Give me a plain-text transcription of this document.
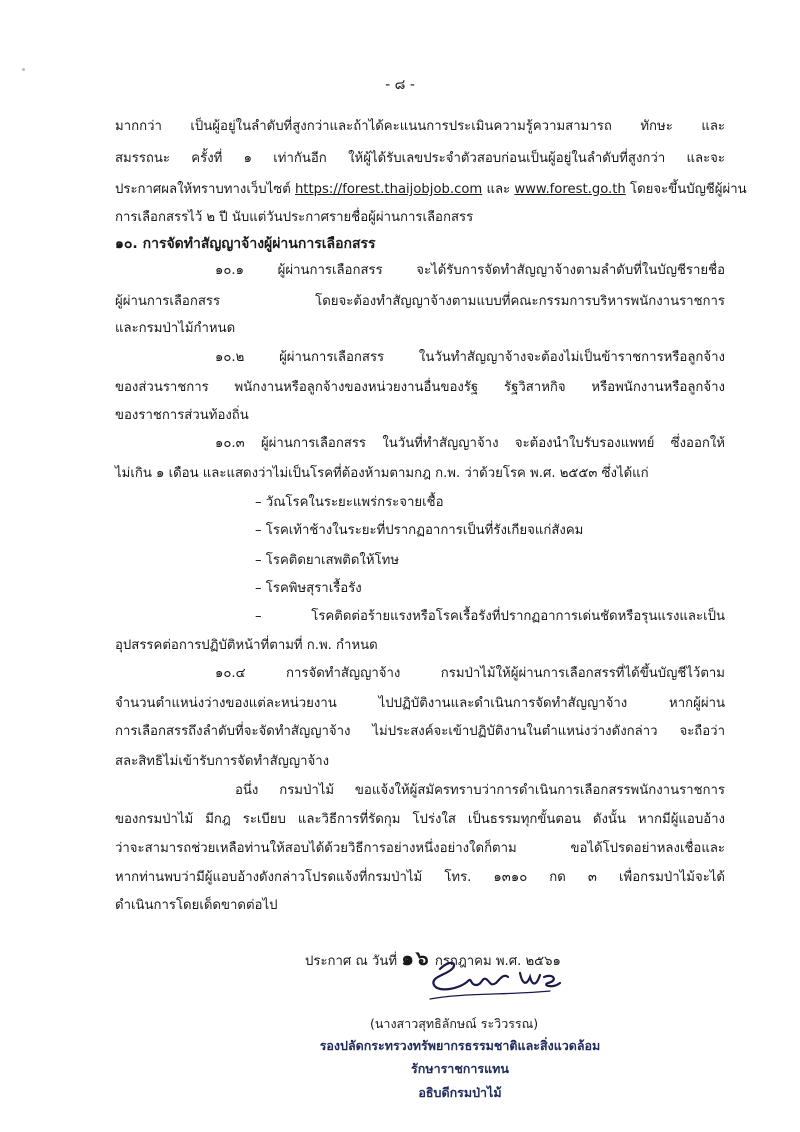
- ๘ -
มากกว่า เป็นผู้อยู่ในลำดับที่สูงกว่าและถ้าได้คะแนนการประเมินความรู้ความสามารถ ทักษะ และ
สมรรถนะ ครั้งที่ ๑ เท่ากันอีก ให้ผู้ได้รับเลขประจำตัวสอบก่อนเป็นผู้อยู่ในลำดับที่สูงกว่า และจะ
ประกาศผลให้ทราบทางเว็บไซต์ https://forest.thaijobjob.com และ www.forest.go.th โดยจะขึ้นบัญชีผู้ผ่าน
การเลือกสรรไว้ ๒ ปี นับแต่วันประกาศรายชื่อผู้ผ่านการเลือกสรร
๑๐. การจัดทำสัญญาจ้างผู้ผ่านการเลือกสรร
๑๐.๑ ผู้ผ่านการเลือกสรร จะได้รับการจัดทำสัญญาจ้างตามลำดับที่ในบัญชีรายชื่อ
ผู้ผ่านการเลือกสรร โดยจะต้องทำสัญญาจ้างตามแบบที่คณะกรรมการบริหารพนักงานราชการ
และกรมป่าไม้กำหนด
๑๐.๒ ผู้ผ่านการเลือกสรร ในวันทำสัญญาจ้างจะต้องไม่เป็นข้าราชการหรือลูกจ้าง
ของส่วนราชการ พนักงานหรือลูกจ้างของหน่วยงานอื่นของรัฐ รัฐวิสาหกิจ หรือพนักงานหรือลูกจ้าง
ของราชการส่วนท้องถิ่น
๑๐.๓ ผู้ผ่านการเลือกสรร ในวันที่ทำสัญญาจ้าง จะต้องนำใบรับรองแพทย์ ซึ่งออกให้
ไม่เกิน ๑ เดือน และแสดงว่าไม่เป็นโรคที่ต้องห้ามตามกฎ ก.พ. ว่าด้วยโรค พ.ศ. ๒๕๕๓ ซึ่งได้แก่
– วัณโรคในระยะแพร่กระจายเชื้อ
– โรคเท้าช้างในระยะที่ปรากฏอาการเป็นที่รังเกียจแก่สังคม
– โรคติดยาเสพติดให้โทษ
– โรคพิษสุราเรื้อรัง
– โรคติดต่อร้ายแรงหรือโรคเรื้อรังที่ปรากฏอาการเด่นชัดหรือรุนแรงและเป็น
อุปสรรคต่อการปฏิบัติหน้าที่ตามที่ ก.พ. กำหนด
๑๐.๔ การจัดทำสัญญาจ้าง กรมป่าไม้ให้ผู้ผ่านการเลือกสรรที่ได้ขึ้นบัญชีไว้ตาม
จำนวนตำแหน่งว่างของแต่ละหน่วยงาน ไปปฏิบัติงานและดำเนินการจัดทำสัญญาจ้าง หากผู้ผ่าน
การเลือกสรรถึงลำดับที่จะจัดทำสัญญาจ้าง ไม่ประสงค์จะเข้าปฏิบัติงานในตำแหน่งว่างดังกล่าว จะถือว่า
สละสิทธิไม่เข้ารับการจัดทำสัญญาจ้าง
อนึ่ง กรมป่าไม้ ขอแจ้งให้ผู้สมัครทราบว่าการดำเนินการเลือกสรรพนักงานราชการ
ของกรมป่าไม้ มีกฎ ระเบียบ และวิธีการที่รัดกุม โปร่งใส เป็นธรรมทุกขั้นตอน ดังนั้น หากมีผู้แอบอ้าง
ว่าจะสามารถช่วยเหลือท่านให้สอบได้ด้วยวิธีการอย่างหนึ่งอย่างใดก็ตาม ขอได้โปรดอย่าหลงเชื่อและ
หากท่านพบว่ามีผู้แอบอ้างดังกล่าวโปรดแจ้งที่กรมป่าไม้ โทร. ๑๓๑๐ กด ๓ เพื่อกรมป่าไม้จะได้
ดำเนินการโดยเด็ดขาดต่อไป
ประกาศ ณ วันที่ ๑๖ กรกฎาคม พ.ศ. ๒๕๖๑
(นางสาวสุทธิลักษณ์ ระวิวรรณ)
รองปลัดกระทรวงทรัพยากรธรรมชาติและสิ่งแวดล้อม
รักษาราชการแทน
อธิบดีกรมป่าไม้
